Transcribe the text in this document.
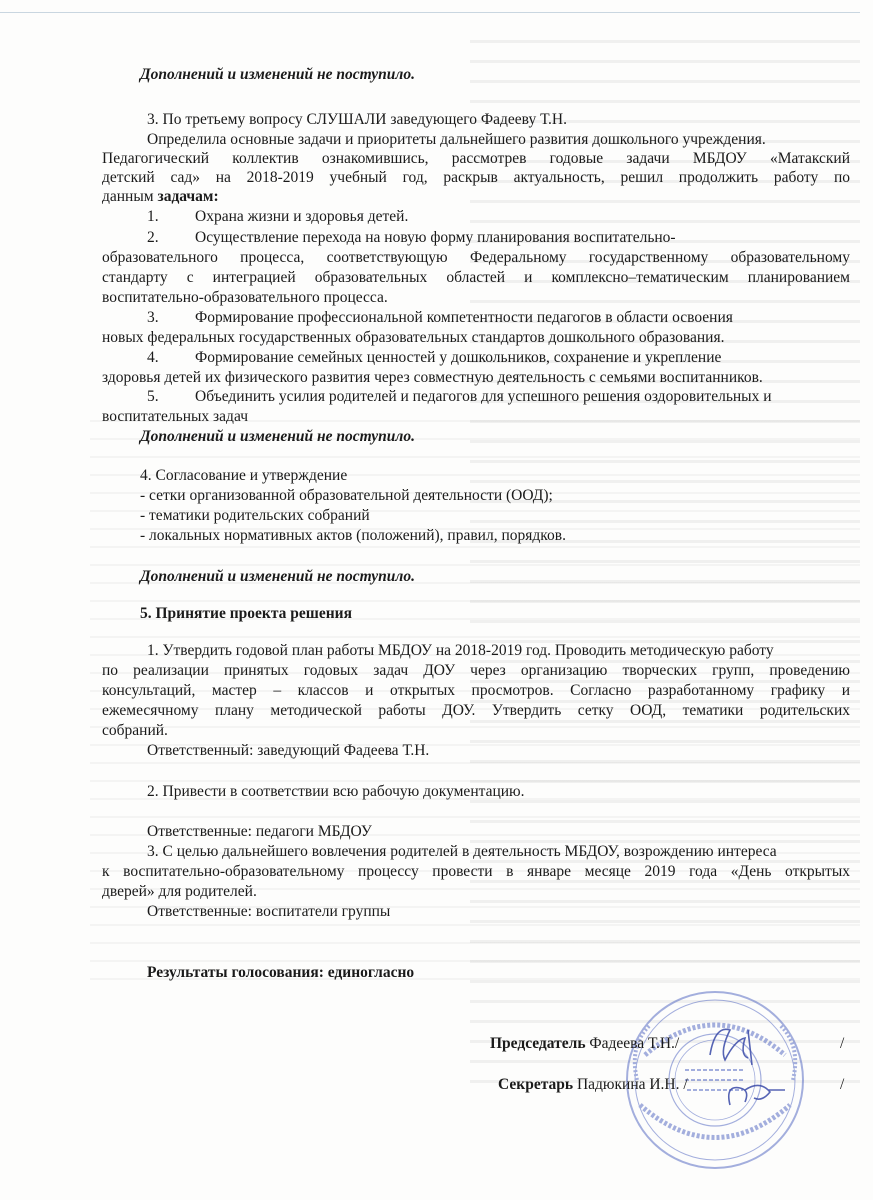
Дополнений и изменений не поступило.
3. По третьему вопросу СЛУШАЛИ заведующего Фадееву Т.Н.
Определила основные задачи и приоритеты дальнейшего развития дошкольного учреждения.
Педагогический коллектив ознакомившись, рассмотрев годовые задачи МБДОУ «Матакский
детский сад» на 2018-2019 учебный год, раскрыв актуальность, решил продолжить работу по
данным задачам:
1. Охрана жизни и здоровья детей.
2. Осуществление перехода на новую форму планирования воспитательно-
образовательного процесса, соответствующую Федеральному государственному образовательному
стандарту с интеграцией образовательных областей и комплексно–тематическим планированием
воспитательно-образовательного процесса.
3. Формирование профессиональной компетентности педагогов в области освоения
новых федеральных государственных образовательных стандартов дошкольного образования.
4. Формирование семейных ценностей у дошкольников, сохранение и укрепление
здоровья детей их физического развития через совместную деятельность с семьями воспитанников.
5. Объединить усилия родителей и педагогов для успешного решения оздоровительных и
воспитательных задач
Дополнений и изменений не поступило.
4. Согласование и утверждение
- сетки организованной образовательной деятельности (ООД);
- тематики родительских собраний
- локальных нормативных актов (положений), правил, порядков.
Дополнений и изменений не поступило.
5. Принятие проекта решения
1. Утвердить годовой план работы МБДОУ на 2018-2019 год. Проводить методическую работу
по реализации принятых годовых задач ДОУ через организацию творческих групп, проведению
консультаций, мастер – классов и открытых просмотров. Согласно разработанному графику и
ежемесячному плану методической работы ДОУ. Утвердить сетку ООД, тематики родительских
собраний.
Ответственный: заведующий Фадеева Т.Н.
2. Привести в соответствии всю рабочую документацию.
Ответственные: педагоги МБДОУ
3. С целью дальнейшего вовлечения родителей в деятельность МБДОУ, возрождению интереса
к воспитательно-образовательному процессу провести в январе месяце 2019 года «День открытых
дверей» для родителей.
Ответственные: воспитатели группы
Результаты голосования: единогласно
Председатель Фадеева Т.Н./	/
Секретарь Падюкина И.Н. /	/
